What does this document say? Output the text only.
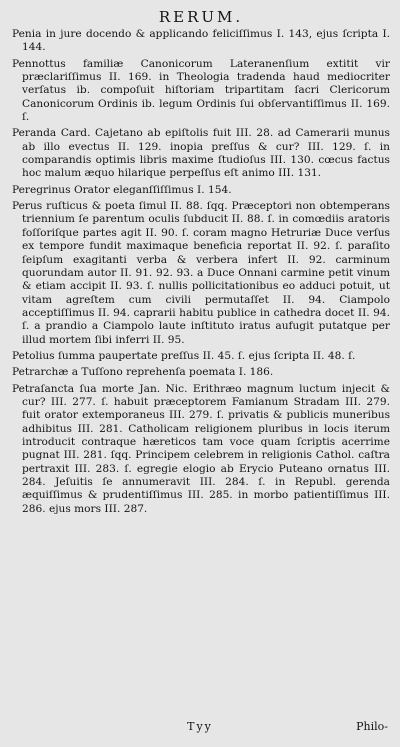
RERUM.

Penia in jure docendo & applicando feliciſſimus I. 143, ejus ſcripta I. 144.

Pennottus familiæ Canonicorum Lateranenſium extitit vir præclariſſimus II. 169. in Theologia tradenda haud mediocriter verſatus ib. compoſuit hiſtoriam tripartitam ſacri Clericorum Canonicorum Ordinis ib. legum Ordinis ſui obſervantiſſimus II. 169. ſ.

Peranda Card. Cajetano ab epiſtolis fuit III. 28. ad Camerarii munus ab illo evectus II. 129. inopia preſſus & cur? III. 129. ſ. in comparandis optimis libris maxime ſtudioſus III. 130. cœcus factus hoc malum æquo hilarique perpeſſus eſt animo III. 131.

Peregrinus Orator eleganſſiſſimus I. 154.

Perus ruſticus & poeta ſimul II. 88. ſqq. Præceptori non obtemperans triennium ſe parentum oculis ſubducit II. 88. ſ. in comœdiis aratoris foſſoriſque partes agit II. 90. ſ. coram magno Hetruriæ Duce verſus ex tempore fundit maximaque beneficia reportat II. 92. ſ. paraſito ſeipſum exagitanti verba & verbera infert II. 92. carminum quorundam autor II. 91. 92. 93. a Duce Onnani carmine petit vinum & etiam accipit II. 93. ſ. nullis pollicitationibus eo adduci potuit, ut vitam agreſtem cum civili permutaſſet II. 94. Ciampolo acceptiſſimus II. 94. caprarii habitu publice in cathedra docet II. 94. ſ. a prandio a Ciampolo laute inſtituto iratus aufugit putatque per illud mortem ſibi inferri II. 95.

Petolius ſumma paupertate preſſus II. 45. ſ. ejus ſcripta II. 48. ſ.

Petrarchæ a Tuſſono reprehenſa poemata I. 186.

Petraſancta ſua morte Jan. Nic. Erithræo magnum luctum injecit & cur? III. 277. ſ. habuit præceptorem Famianum Stradam III. 279. fuit orator extemporaneus III. 279. ſ. privatis & publicis muneribus adhibitus III. 281. Catholicam religionem pluribus in locis iterum introducit contraque hæreticos tam voce quam ſcriptis acerrime pugnat III. 281. ſqq. Principem celebrem in religionis Cathol. caſtra pertraxit III. 283. ſ. egregie elogio ab Erycio Puteano ornatus III. 284. Jeſuitis ſe annumeravit III. 284. ſ. in Republ. gerenda æquiſſimus & prudentiſſimus III. 285. in morbo patientiſſimus III. 286. ejus mors III. 287.

Tyy	Philo-
